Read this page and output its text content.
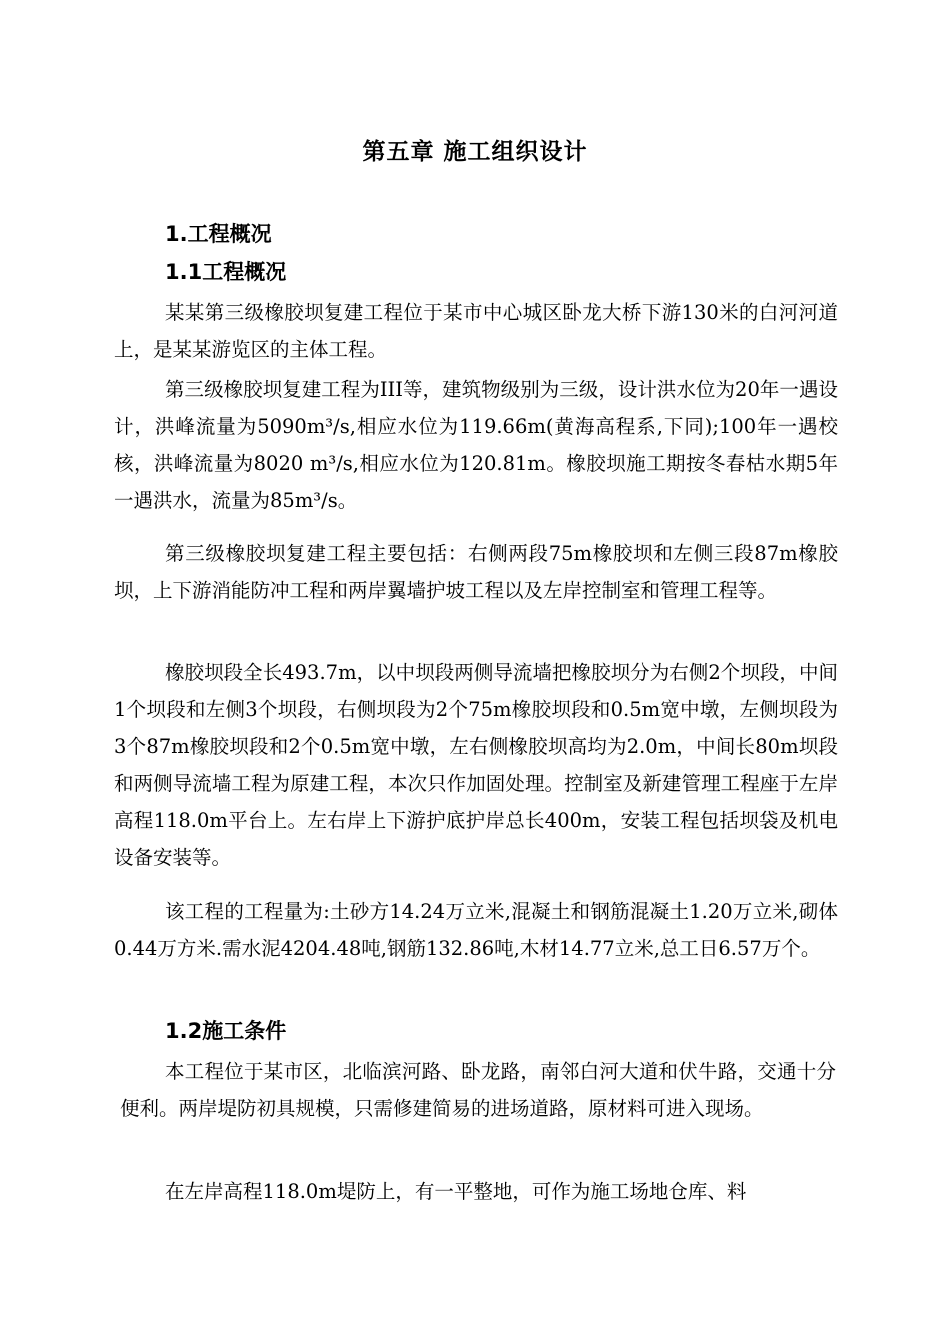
第五章 施工组织设计
1.工程概况
1.1工程概况

某某第三级橡胶坝复建工程位于某市中心城区卧龙大桥下游130米的白河河道上，是某某游览区的主体工程。

第三级橡胶坝复建工程为III等，建筑物级别为三级，设计洪水位为20年一遇设计，洪峰流量为5090m³/s,相应水位为119.66m(黄海高程系,下同);100年一遇校核，洪峰流量为8020 m³/s,相应水位为120.81m。橡胶坝施工期按冬春枯水期5年一遇洪水，流量为85m³/s。

第三级橡胶坝复建工程主要包括：右侧两段75m橡胶坝和左侧三段87m橡胶坝，上下游消能防冲工程和两岸翼墙护坡工程以及左岸控制室和管理工程等。

橡胶坝段全长493.7m，以中坝段两侧导流墙把橡胶坝分为右侧2个坝段，中间1个坝段和左侧3个坝段，右侧坝段为2个75m橡胶坝段和0.5m宽中墩，左侧坝段为3个87m橡胶坝段和2个0.5m宽中墩，左右侧橡胶坝高均为2.0m，中间长80m坝段和两侧导流墙工程为原建工程，本次只作加固处理。控制室及新建管理工程座于左岸高程118.0m平台上。左右岸上下游护底护岸总长400m，安装工程包括坝袋及机电设备安装等。

该工程的工程量为:土砂方14.24万立米,混凝土和钢筋混凝土1.20万立米,砌体0.44万方米.需水泥4204.48吨,钢筋132.86吨,木材14.77立米,总工日6.57万个。

1.2施工条件

本工程位于某市区，北临滨河路、卧龙路，南邻白河大道和伏牛路，交通十分便利。两岸堤防初具规模，只需修建简易的进场道路，原材料可进入现场。

在左岸高程118.0m堤防上，有一平整地，可作为施工场地仓库、料
